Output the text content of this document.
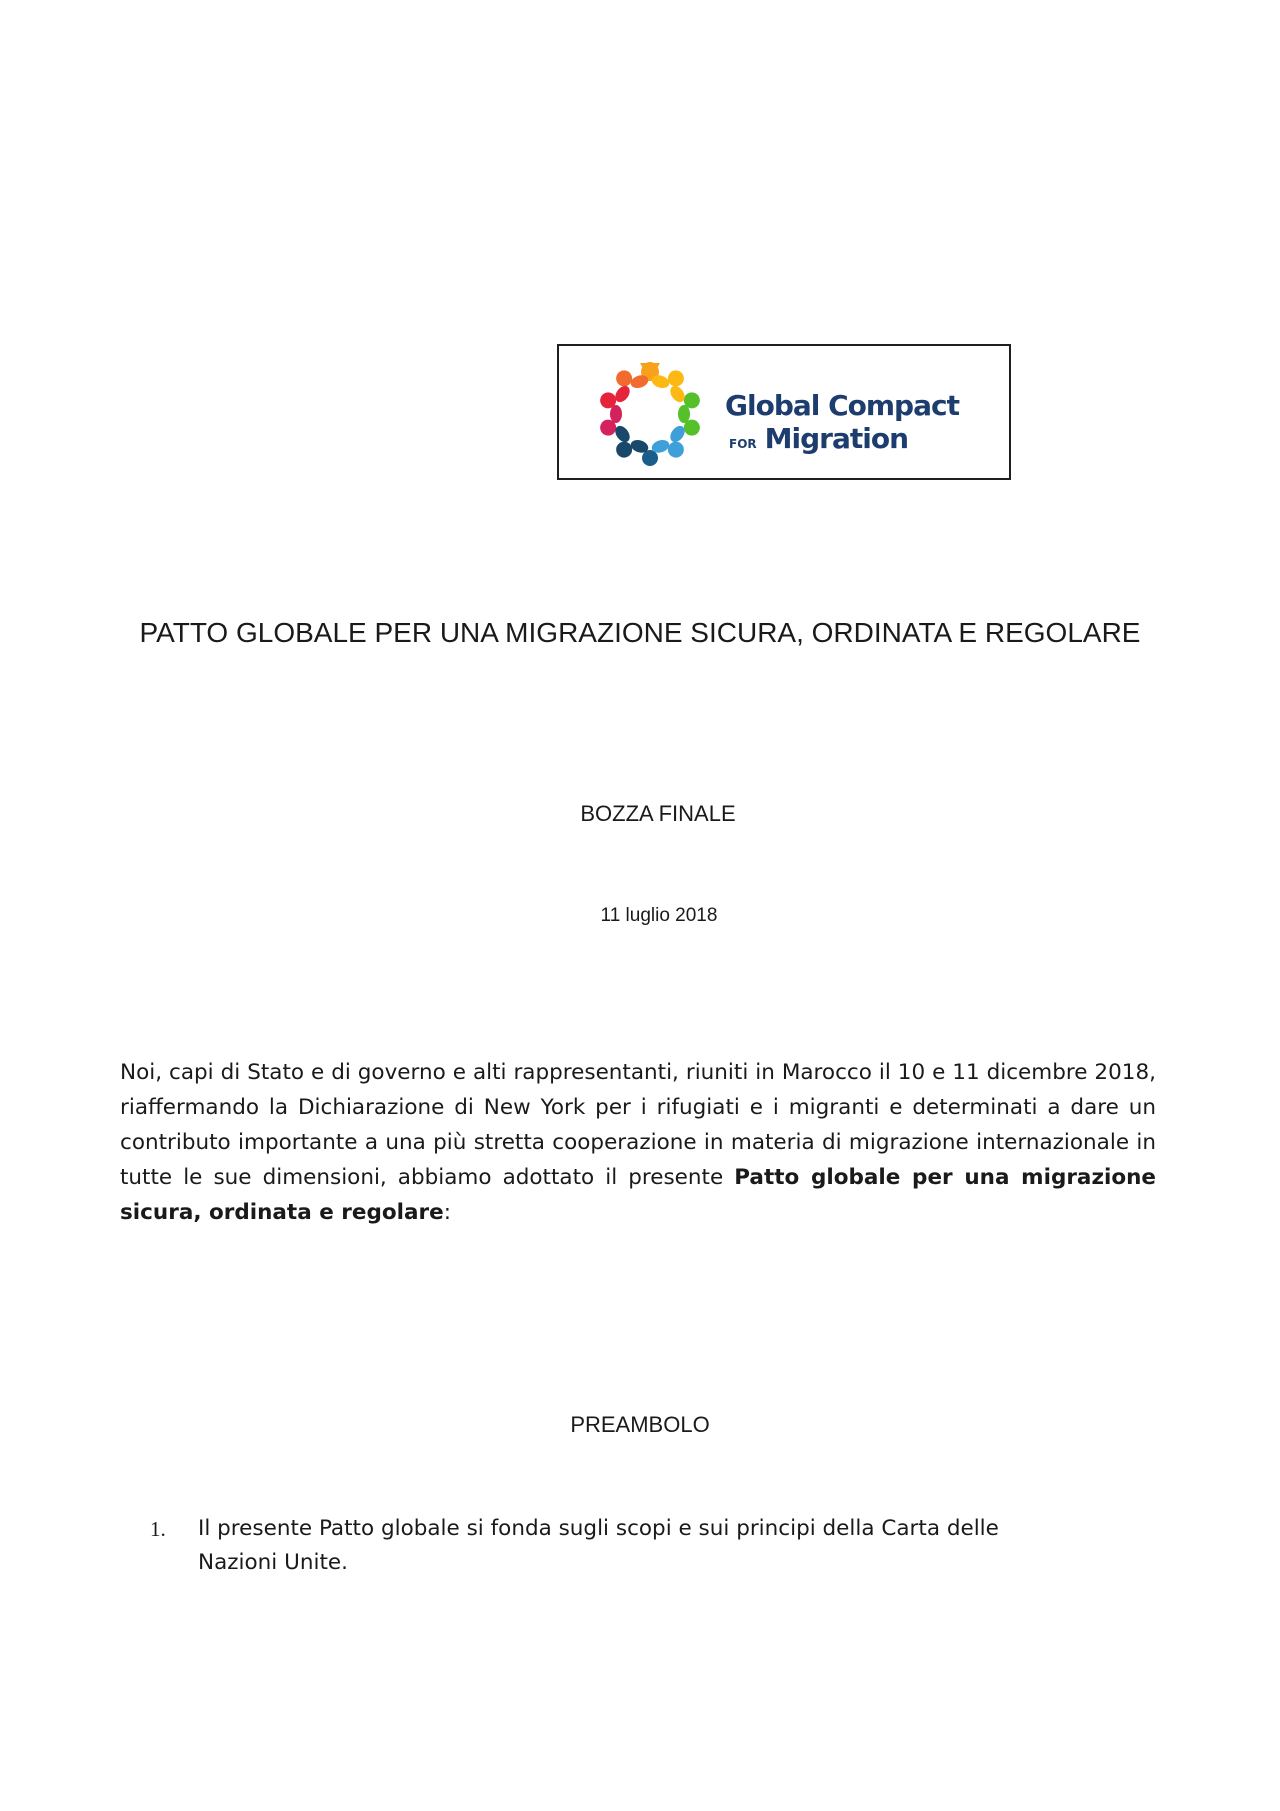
Global Compact
FOR Migration
PATTO GLOBALE PER UNA MIGRAZIONE SICURA, ORDINATA E REGOLARE
BOZZA FINALE
11 luglio 2018
Noi, capi di Stato e di governo e alti rappresentanti, riuniti in Marocco il 10 e 11 dicembre 2018, riaffermando la Dichiarazione di New York per i rifugiati e i migranti e determinati a dare un contributo importante a una più stretta cooperazione in materia di migrazione internazionale in tutte le sue dimensioni, abbiamo adottato il presente Patto globale per una migrazione sicura, ordinata e regolare:
PREAMBOLO
1. Il presente Patto globale si fonda sugli scopi e sui principi della Carta delle Nazioni Unite.
